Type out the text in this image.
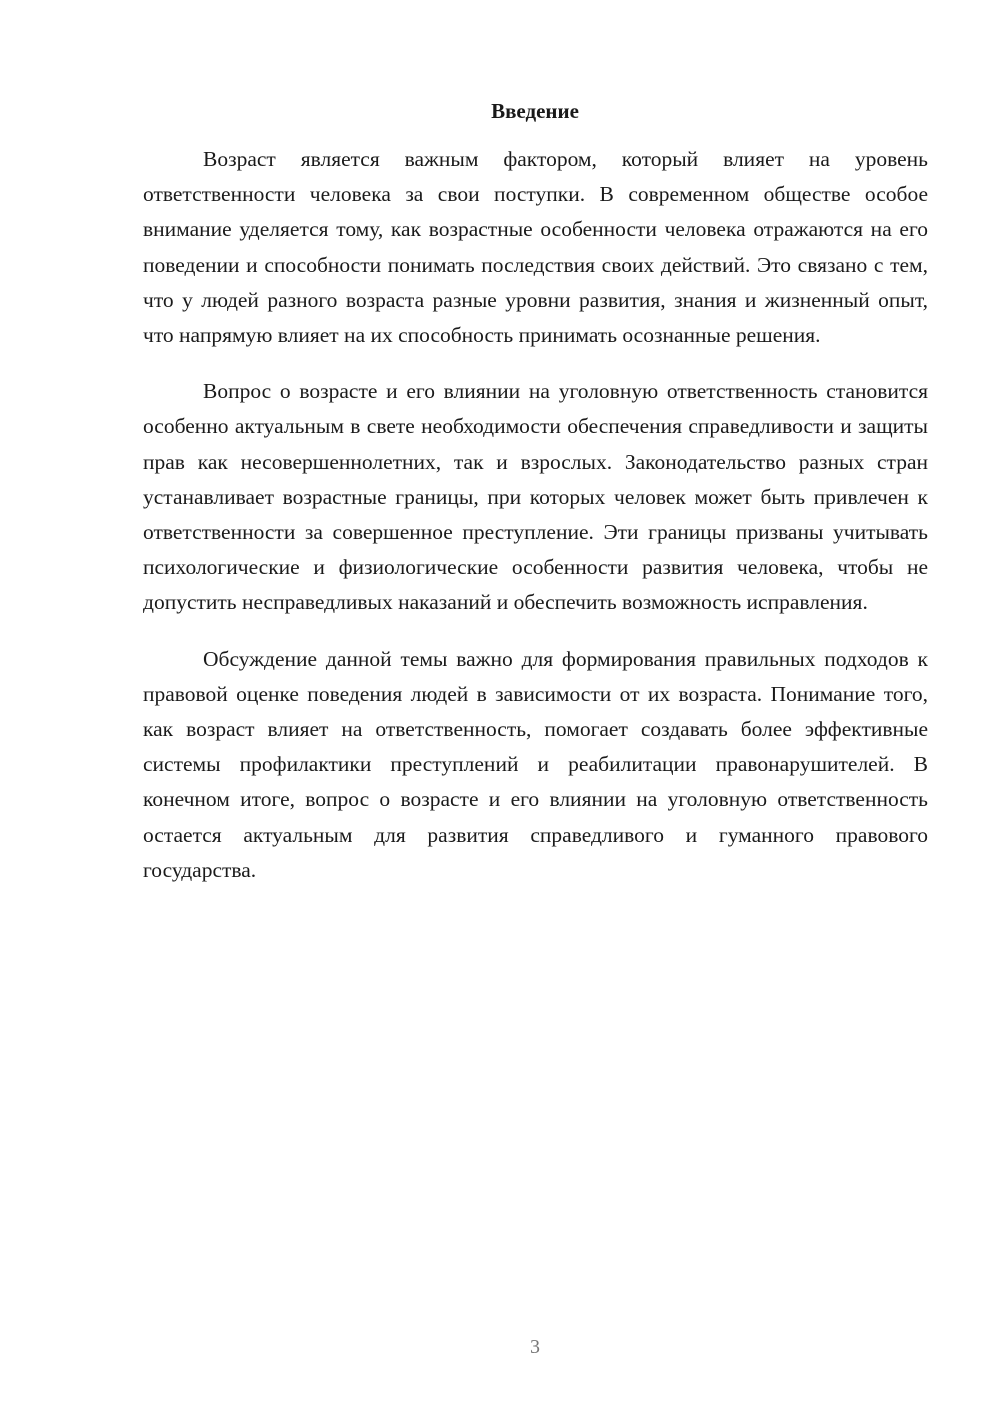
Введение

Возраст является важным фактором, который влияет на уровень ответственности человека за свои поступки. В современном обществе особое внимание уделяется тому, как возрастные особенности человека отражаются на его поведении и способности понимать последствия своих действий. Это связано с тем, что у людей разного возраста разные уровни развития, знания и жизненный опыт, что напрямую влияет на их способность принимать осознанные решения.

Вопрос о возрасте и его влиянии на уголовную ответственность становится особенно актуальным в свете необходимости обеспечения справедливости и защиты прав как несовершеннолетних, так и взрослых. Законодательство разных стран устанавливает возрастные границы, при которых человек может быть привлечен к ответственности за совершенное преступление. Эти границы призваны учитывать психологические и физиологические особенности развития человека, чтобы не допустить несправедливых наказаний и обеспечить возможность исправления.

Обсуждение данной темы важно для формирования правильных подходов к правовой оценке поведения людей в зависимости от их возраста. Понимание того, как возраст влияет на ответственность, помогает создавать более эффективные системы профилактики преступлений и реабилитации правонарушителей. В конечном итоге, вопрос о возрасте и его влиянии на уголовную ответственность остается актуальным для развития справедливого и гуманного правового государства.

3
